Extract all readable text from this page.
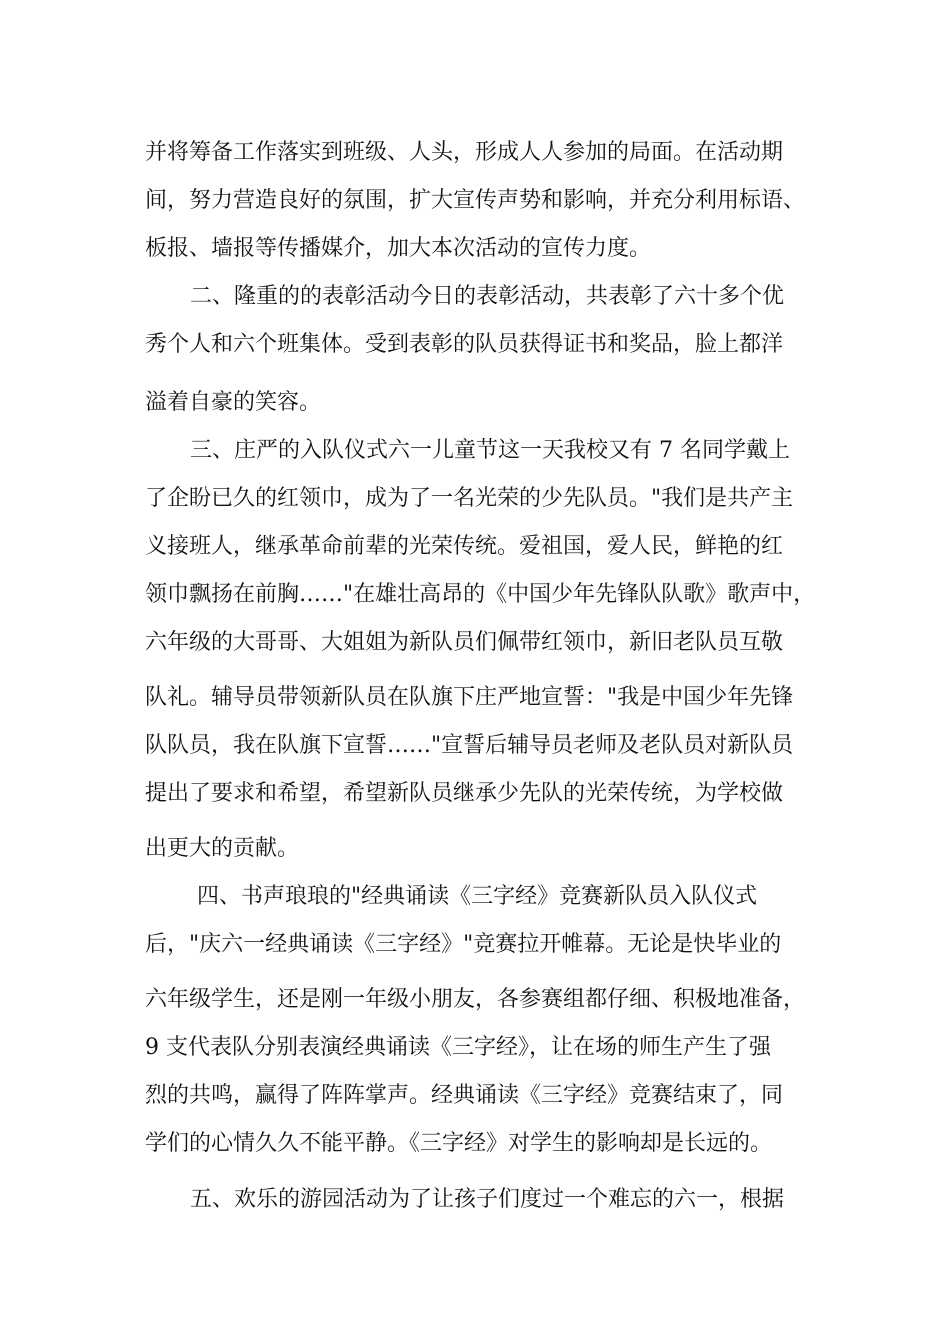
并将筹备工作落实到班级、人头，形成人人参加的局面。在活动期
间，努力营造良好的氛围，扩大宣传声势和影响，并充分利用标语、
板报、墙报等传播媒介，加大本次活动的宣传力度。
二、隆重的的表彰活动今日的表彰活动，共表彰了六十多个优
秀个人和六个班集体。受到表彰的队员获得证书和奖品，脸上都洋
溢着自豪的笑容。
三、庄严的入队仪式六一儿童节这一天我校又有 7 名同学戴上
了企盼已久的红领巾，成为了一名光荣的少先队员。"我们是共产主
义接班人，继承革命前辈的光荣传统。爱祖国，爱人民，鲜艳的红
领巾飘扬在前胸……"在雄壮高昂的《中国少年先锋队队歌》歌声中，
六年级的大哥哥、大姐姐为新队员们佩带红领巾，新旧老队员互敬
队礼。辅导员带领新队员在队旗下庄严地宣誓："我是中国少年先锋
队队员，我在队旗下宣誓……"宣誓后辅导员老师及老队员对新队员
提出了要求和希望，希望新队员继承少先队的光荣传统，为学校做
出更大的贡献。
四、书声琅琅的"经典诵读《三字经》竞赛新队员入队仪式
后，"庆六一经典诵读《三字经》"竞赛拉开帷幕。无论是快毕业的
六年级学生，还是刚一年级小朋友，各参赛组都仔细、积极地准备，
9 支代表队分别表演经典诵读《三字经》，让在场的师生产生了强
烈的共鸣，赢得了阵阵掌声。经典诵读《三字经》竞赛结束了，同
学们的心情久久不能平静。《三字经》对学生的影响却是长远的。
五、欢乐的游园活动为了让孩子们度过一个难忘的六一，根据
